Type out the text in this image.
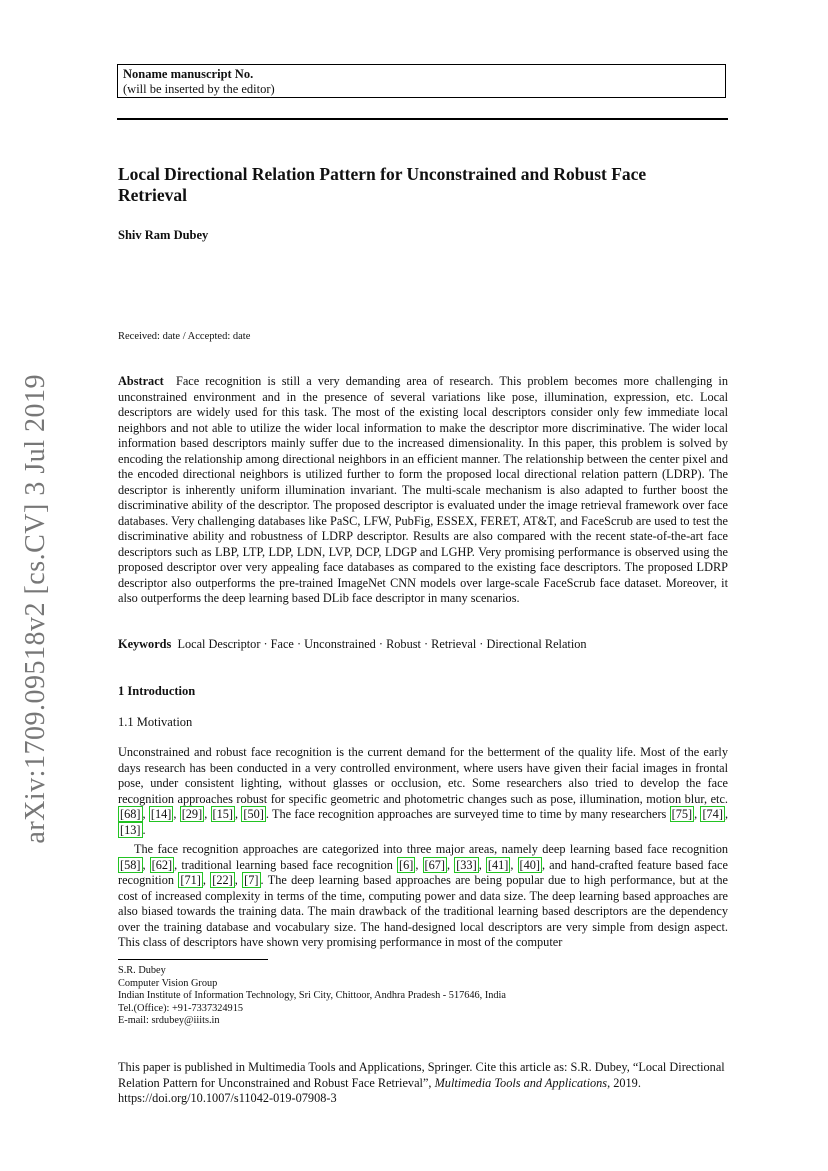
arXiv:1709.09518v2 [cs.CV] 3 Jul 2019
Noname manuscript No.
(will be inserted by the editor)
Local Directional Relation Pattern for Unconstrained and Robust Face Retrieval
Shiv Ram Dubey
Received: date / Accepted: date
Abstract Face recognition is still a very demanding area of research. This problem becomes more challenging in unconstrained environment and in the presence of several variations like pose, illumination, expression, etc. Local descriptors are widely used for this task. The most of the existing local descriptors consider only few immediate local neighbors and not able to utilize the wider local information to make the descriptor more discriminative. The wider local information based descriptors mainly suffer due to the increased dimensionality. In this paper, this problem is solved by encoding the relationship among directional neighbors in an efficient manner. The relationship between the center pixel and the encoded directional neighbors is utilized further to form the proposed local directional relation pattern (LDRP). The descriptor is inherently uniform illumination invariant. The multi-scale mechanism is also adapted to further boost the discriminative ability of the descriptor. The proposed descriptor is evaluated under the image retrieval framework over face databases. Very challenging databases like PaSC, LFW, PubFig, ESSEX, FERET, AT&T, and FaceScrub are used to test the discriminative ability and robustness of LDRP descriptor. Results are also compared with the recent state-of-the-art face descriptors such as LBP, LTP, LDP, LDN, LVP, DCP, LDGP and LGHP. Very promising performance is observed using the proposed descriptor over very appealing face databases as compared to the existing face descriptors. The proposed LDRP descriptor also outperforms the pre-trained ImageNet CNN models over large-scale FaceScrub face dataset. Moreover, it also outperforms the deep learning based DLib face descriptor in many scenarios.
Keywords Local Descriptor · Face · Unconstrained · Robust · Retrieval · Directional Relation
1 Introduction
1.1 Motivation
Unconstrained and robust face recognition is the current demand for the betterment of the quality life. Most of the early days research has been conducted in a very controlled environment, where users have given their facial images in frontal pose, under consistent lighting, without glasses or occlusion, etc. Some researchers also tried to develop the face recognition approaches robust for specific geometric and photometric changes such as pose, illumination, motion blur, etc. [68] , [14] , [29] , [15] , [50] . The face recognition approaches are surveyed time to time by many researchers [75] , [74] , [13] .
The face recognition approaches are categorized into three major areas, namely deep learning based face recognition [58] , [62] , traditional learning based face recognition [6] , [67] , [33] , [41] , [40] , and hand-crafted feature based face recognition [71] , [22] , [7] . The deep learning based approaches are being popular due to high performance, but at the cost of increased complexity in terms of the time, computing power and data size. The deep learning based approaches are also biased towards the training data. The main drawback of the traditional learning based descriptors are the dependency over the training database and vocabulary size. The hand-designed local descriptors are very simple from design aspect. This class of descriptors have shown very promising performance in most of the computer
S.R. Dubey
Computer Vision Group
Indian Institute of Information Technology, Sri City, Chittoor, Andhra Pradesh - 517646, India
Tel.(Office): +91-7337324915
E-mail: srdubey@iiits.in
This paper is published in Multimedia Tools and Applications, Springer. Cite this article as: S.R. Dubey, “Local Directional Relation Pattern for Unconstrained and Robust Face Retrieval”, Multimedia Tools and Applications, 2019. https://doi.org/10.1007/s11042-019-07908-3
